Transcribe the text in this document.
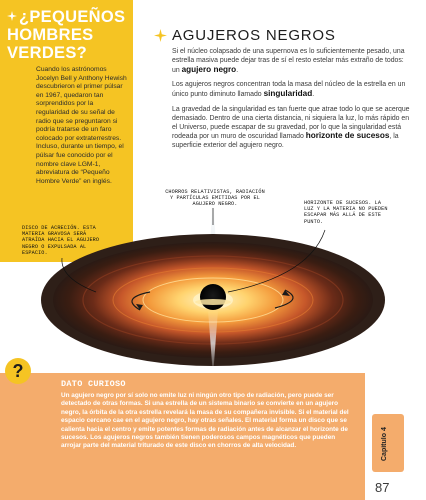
¿PEQUEÑOS HOMBRES VERDES?
Cuando los astrónomos Jocelyn Bell y Anthony Hewish descubrieron el primer púlsar en 1967, quedaron tan sorprendidos por la regularidad de su señal de radio que se preguntaron si podría tratarse de un faro colocado por extraterrestres. Incluso, durante un tiempo, el púlsar fue conocido por el nombre clave LGM-1, abreviatura de “Pequeño Hombre Verde” en inglés.
AGUJEROS NEGROS

Si el núcleo colapsado de una supernova es lo suficientemente pesado, una estrella masiva puede dejar tras de sí el resto estelar más extraño de todos: un agujero negro.

Los agujeros negros concentran toda la masa del núcleo de la estrella en un único punto diminuto llamado singularidad.

La gravedad de la singularidad es tan fuerte que atrae todo lo que se acerque demasiado. Dentro de una cierta distancia, ni siquiera la luz, lo más rápido en el Universo, puede escapar de su gravedad, por lo que la singularidad está rodeada por un muro de oscuridad llamado horizonte de sucesos, la superficie exterior del agujero negro.

CHORROS RELATIVISTAS, RADIACIÓN Y PARTÍCULAS EMITIDAS POR EL AGUJERO NEGRO.
DISCO DE ACRECIÓN. ESTA MATERIA GRAVOSA SERÁ ATRAÍDA HACIA EL AGUJERO NEGRO O EXPULSADA AL ESPACIO.
HORIZONTE DE SUCESOS. LA LUZ Y LA MATERIA NO PUEDEN ESCAPAR MÁS ALLÁ DE ESTE PUNTO.
?
DATO CURIOSO
Un agujero negro por sí solo no emite luz ni ningún otro tipo de radiación, pero puede ser detectado de otras formas. Si una estrella de un sistema binario se convierte en un agujero negro, la órbita de la otra estrella revelará la masa de su compañera invisible. Si el material del espacio cercano cae en el agujero negro, hay otras señales. El material forma un disco que se calienta hacia el centro y emite potentes formas de radiación antes de alcanzar el horizonte de sucesos. Los agujeros negros también tienen poderosos campos magnéticos que pueden arrojar parte del material triturado de este disco en chorros de alta velocidad.	Capítulo 4
87
